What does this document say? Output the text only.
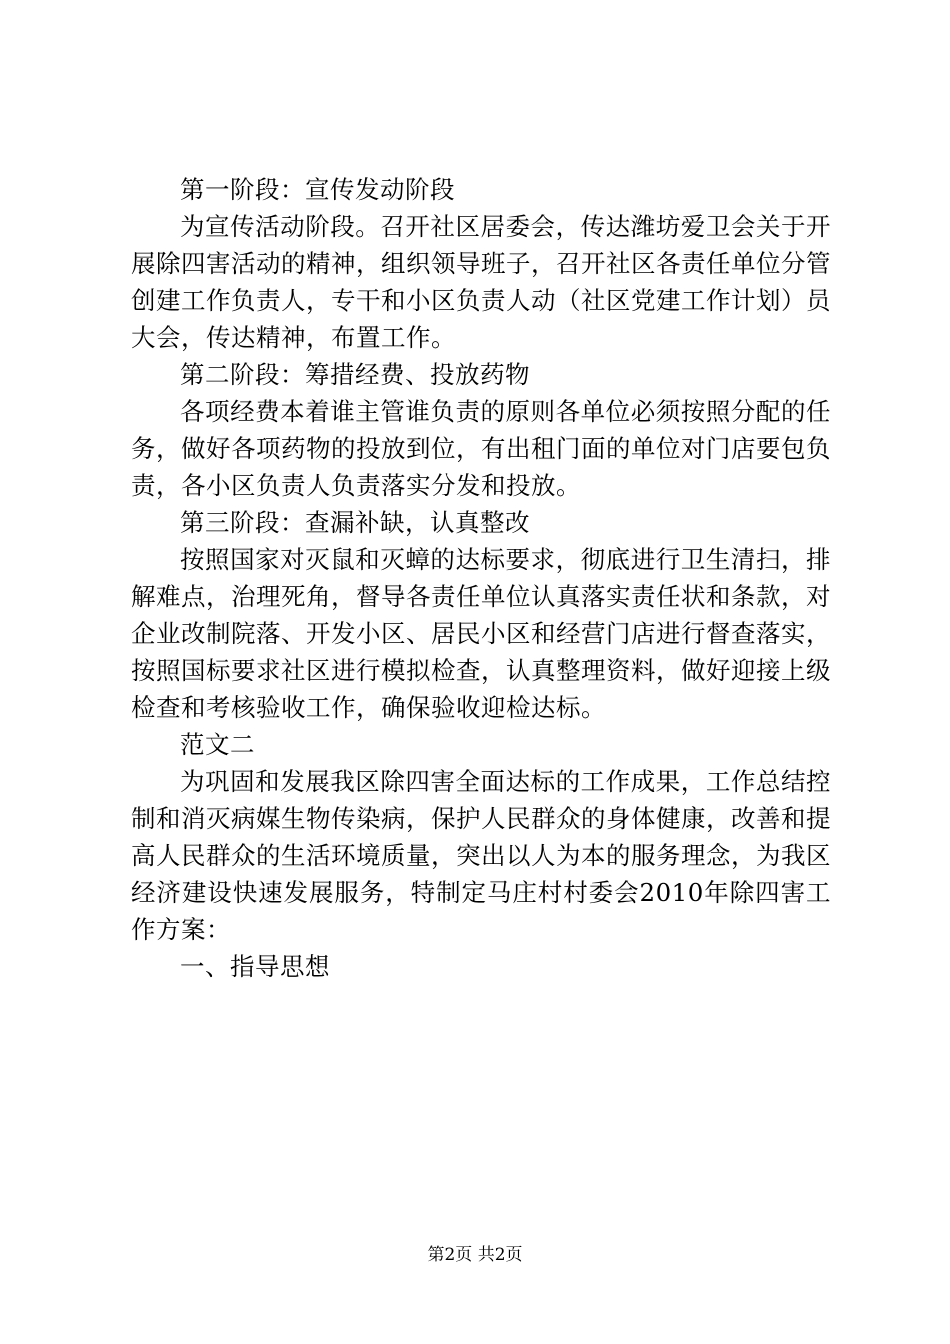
第一阶段：宣传发动阶段

为宣传活动阶段。召开社区居委会，传达潍坊爱卫会关于开展除四害活动的精神，组织领导班子，召开社区各责任单位分管创建工作负责人，专干和小区负责人动（社区党建工作计划）员大会，传达精神，布置工作。

第二阶段：筹措经费、投放药物

各项经费本着谁主管谁负责的原则各单位必须按照分配的任务，做好各项药物的投放到位，有出租门面的单位对门店要包负责，各小区负责人负责落实分发和投放。

第三阶段：查漏补缺，认真整改

按照国家对灭鼠和灭蟑的达标要求，彻底进行卫生清扫，排解难点，治理死角，督导各责任单位认真落实责任状和条款，对企业改制院落、开发小区、居民小区和经营门店进行督查落实，按照国标要求社区进行模拟检查，认真整理资料，做好迎接上级检查和考核验收工作，确保验收迎检达标。

范文二

为巩固和发展我区除四害全面达标的工作成果，工作总结控制和消灭病媒生物传染病，保护人民群众的身体健康，改善和提高人民群众的生活环境质量，突出以人为本的服务理念，为我区经济建设快速发展服务，特制定马庄村村委会2010年除四害工作方案：

一、指导思想

第2页 共2页
